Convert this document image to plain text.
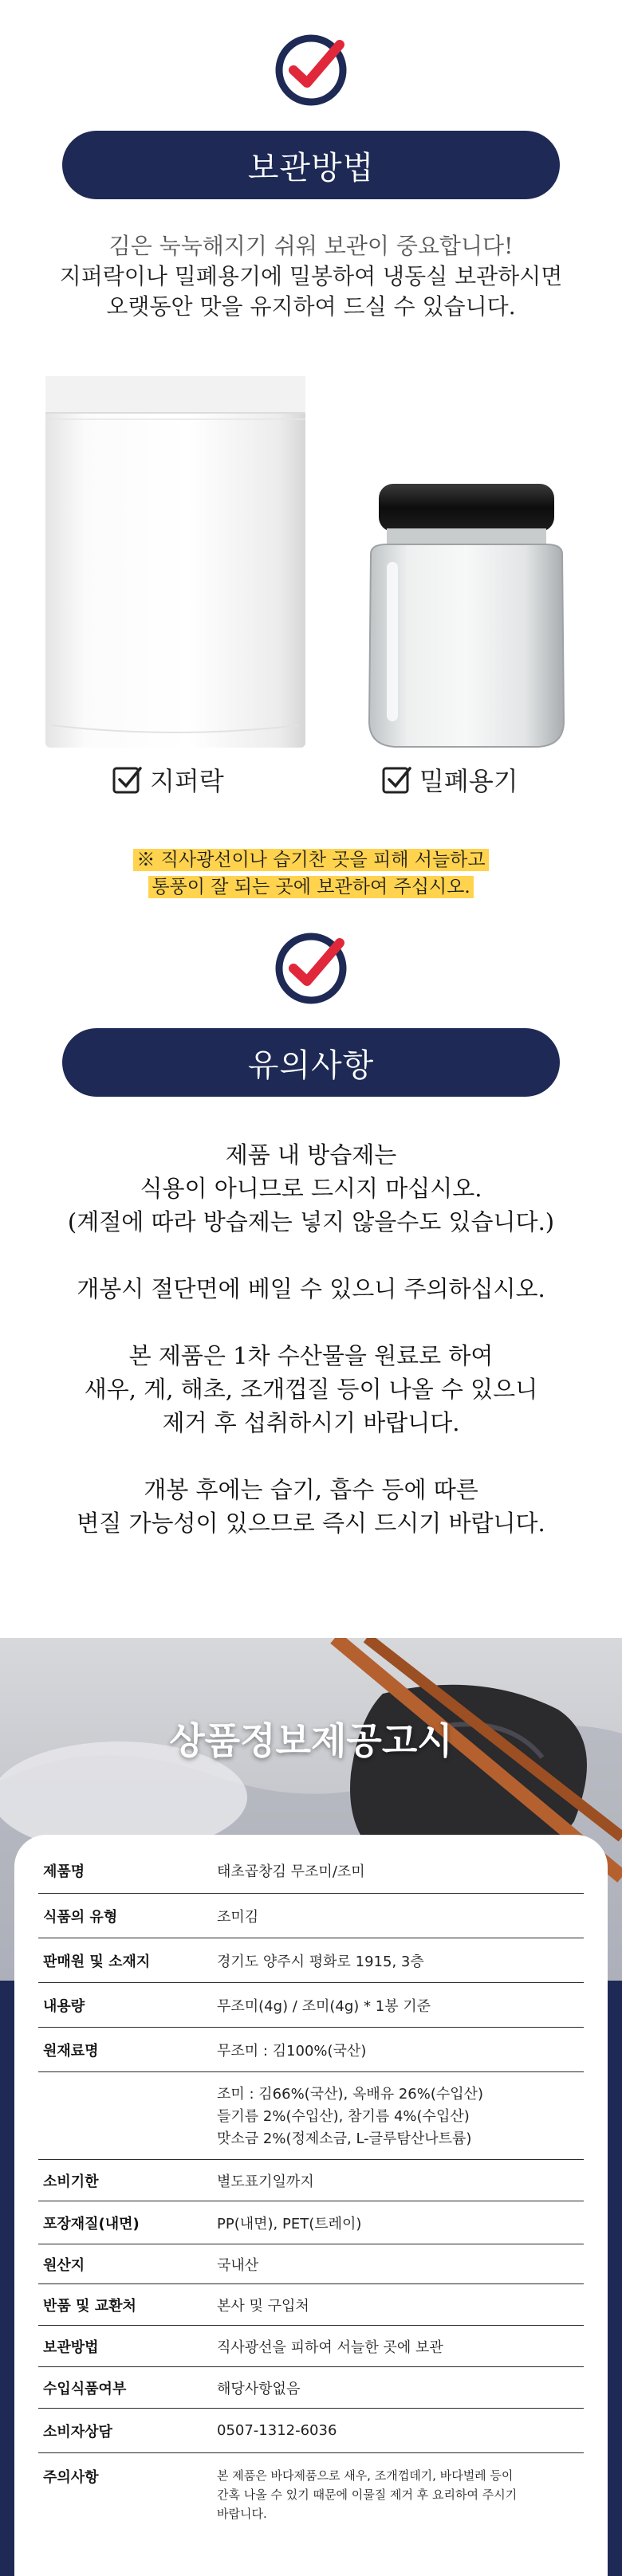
보관방법
김은 눅눅해지기 쉬워 보관이 중요합니다!
지퍼락이나 밀폐용기에 밀봉하여 냉동실 보관하시면
오랫동안 맛을 유지하여 드실 수 있습니다.
지퍼락	밀폐용기
※ 직사광선이나 습기찬 곳을 피해 서늘하고
통풍이 잘 되는 곳에 보관하여 주십시오.
유의사항

제품 내 방습제는

식용이 아니므로 드시지 마십시오.

(계절에 따라 방습제는 넣지 않을수도 있습니다.)

개봉시 절단면에 베일 수 있으니 주의하십시오.

본 제품은 1차 수산물을 원료로 하여

새우, 게, 해초, 조개껍질 등이 나올 수 있으니

제거 후 섭취하시기 바랍니다.

개봉 후에는 습기, 흡수 등에 따른

변질 가능성이 있으므로 즉시 드시기 바랍니다.

상품정보제공고시
제품명	태초곱창김 무조미/조미
식품의 유형	조미김
판매원 및 소재지	경기도 양주시 평화로 1915, 3층
내용량	무조미(4g) / 조미(4g) * 1봉 기준
원재료명	무조미 : 김100%(국산)
조미 : 김66%(국산), 옥배유 26%(수입산)
들기름 2%(수입산), 참기름 4%(수입산)
맛소금 2%(정제소금, L-글루탐산나트륨)
소비기한	별도표기일까지
포장재질(내면)	PP(내면), PET(트레이)
원산지	국내산
반품 및 교환처	본사 및 구입처
보관방법	직사광선을 피하여 서늘한 곳에 보관
수입식품여부	해당사항없음
소비자상담	0507-1312-6036
주의사항	본 제품은 바다제품으로 새우, 조개껍데기, 바다벌레 등이
간혹 나올 수 있기 때문에 이물질 제거 후 요리하여 주시기
바랍니다.
